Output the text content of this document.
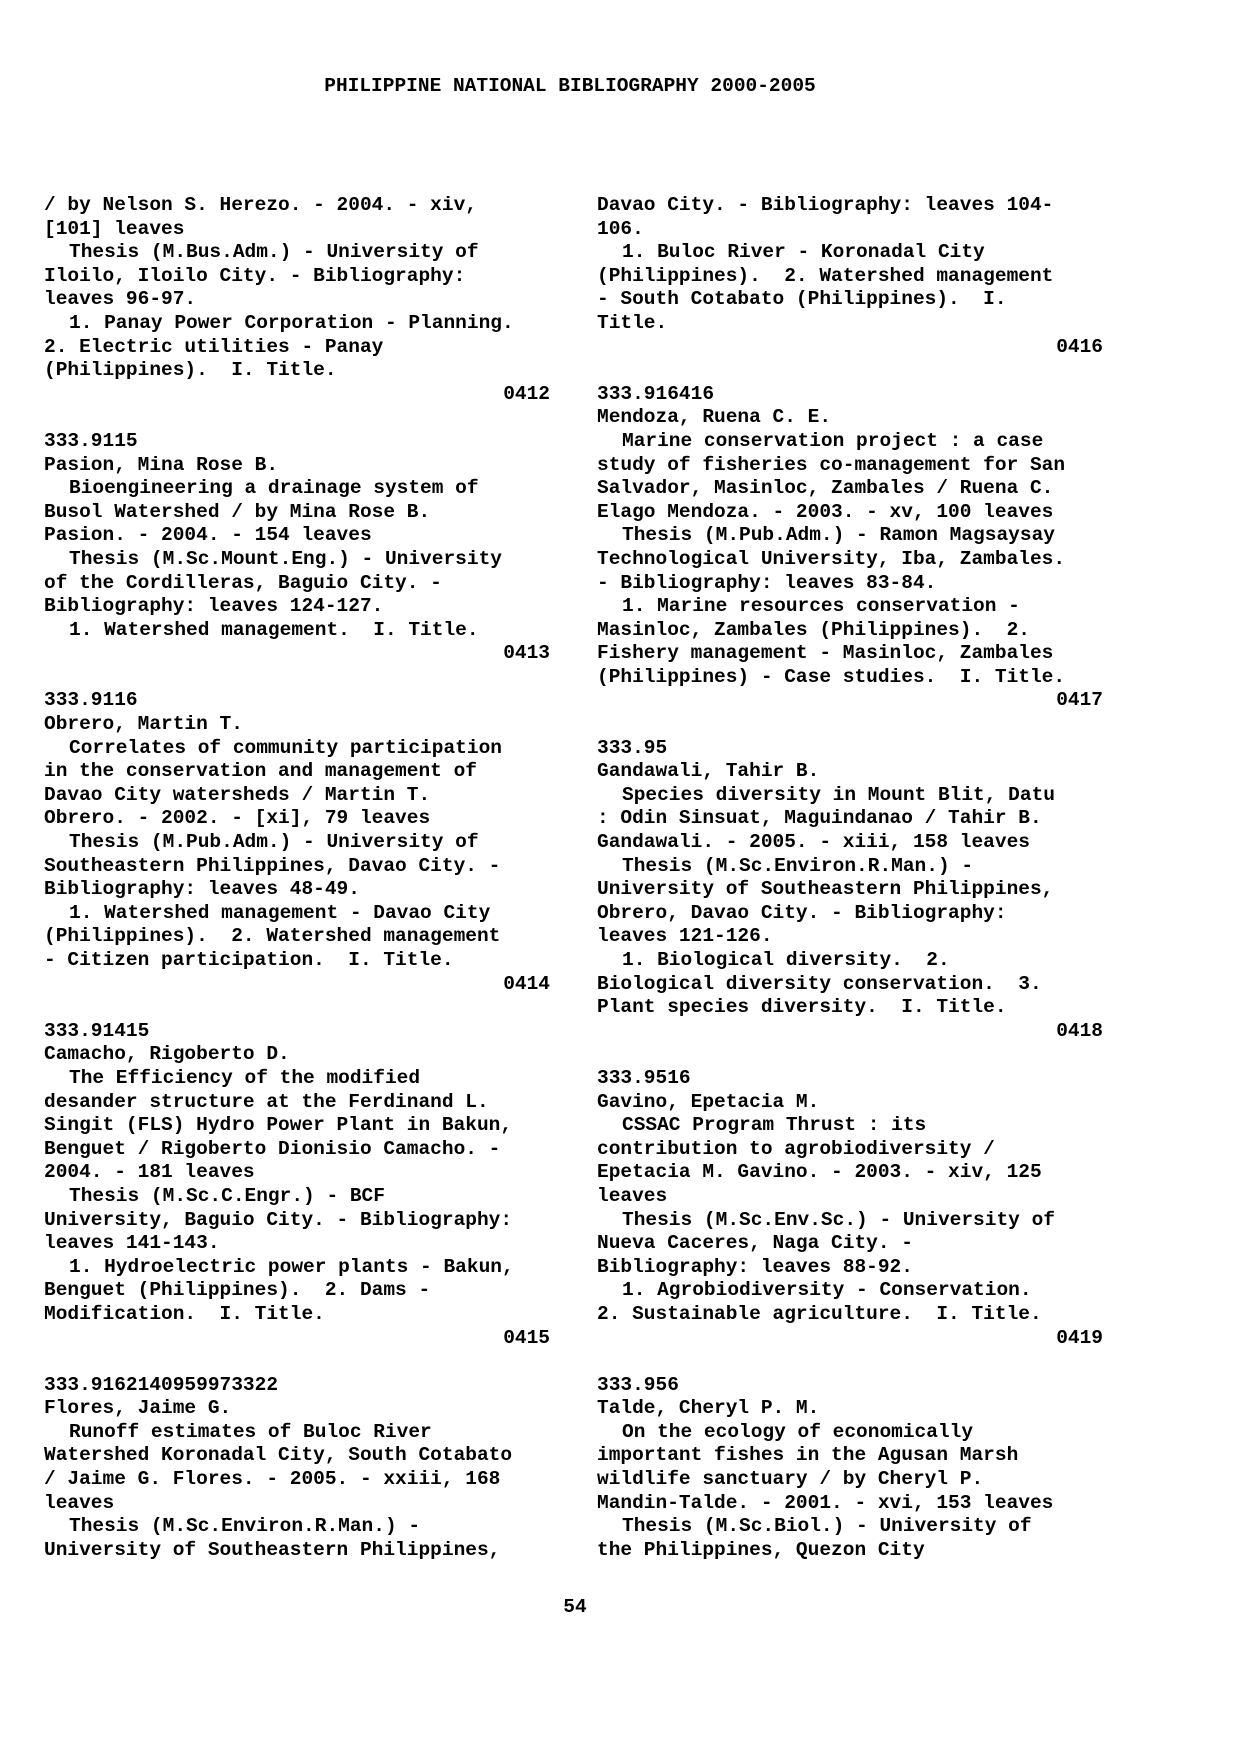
PHILIPPINE NATIONAL BIBLIOGRAPHY 2000-2005
/ by Nelson S. Herezo. - 2004. - xiv,
[101] leaves
Thesis (M.Bus.Adm.) - University of
Iloilo, Iloilo City. - Bibliography:
leaves 96-97.
1. Panay Power Corporation - Planning.
2. Electric utilities - Panay
(Philippines).  I. Title.
0412
333.9115
Pasion, Mina Rose B.
Bioengineering a drainage system of
Busol Watershed / by Mina Rose B.
Pasion. - 2004. - 154 leaves
Thesis (M.Sc.Mount.Eng.) - University
of the Cordilleras, Baguio City. -
Bibliography: leaves 124-127.
1. Watershed management.  I. Title.
0413
333.9116
Obrero, Martin T.
Correlates of community participation
in the conservation and management of
Davao City watersheds / Martin T.
Obrero. - 2002. - [xi], 79 leaves
Thesis (M.Pub.Adm.) - University of
Southeastern Philippines, Davao City. -
Bibliography: leaves 48-49.
1. Watershed management - Davao City
(Philippines).  2. Watershed management
- Citizen participation.  I. Title.
0414
333.91415
Camacho, Rigoberto D.
The Efficiency of the modified
desander structure at the Ferdinand L.
Singit (FLS) Hydro Power Plant in Bakun,
Benguet / Rigoberto Dionisio Camacho. -
2004. - 181 leaves
Thesis (M.Sc.C.Engr.) - BCF
University, Baguio City. - Bibliography:
leaves 141-143.
1. Hydroelectric power plants - Bakun,
Benguet (Philippines).  2. Dams -
Modification.  I. Title.
0415
333.9162140959973322
Flores, Jaime G.
Runoff estimates of Buloc River
Watershed Koronadal City, South Cotabato
/ Jaime G. Flores. - 2005. - xxiii, 168
leaves
Thesis (M.Sc.Environ.R.Man.) -
University of Southeastern Philippines,
Davao City. - Bibliography: leaves 104-
106.
1. Buloc River - Koronadal City
(Philippines).  2. Watershed management
- South Cotabato (Philippines).  I.
Title.
0416
333.916416
Mendoza, Ruena C. E.
Marine conservation project : a case
study of fisheries co-management for San
Salvador, Masinloc, Zambales / Ruena C.
Elago Mendoza. - 2003. - xv, 100 leaves
Thesis (M.Pub.Adm.) - Ramon Magsaysay
Technological University, Iba, Zambales.
- Bibliography: leaves 83-84.
1. Marine resources conservation -
Masinloc, Zambales (Philippines).  2.
Fishery management - Masinloc, Zambales
(Philippines) - Case studies.  I. Title.
0417
333.95
Gandawali, Tahir B.
Species diversity in Mount Blit, Datu
: Odin Sinsuat, Maguindanao / Tahir B.
Gandawali. - 2005. - xiii, 158 leaves
Thesis (M.Sc.Environ.R.Man.) -
University of Southeastern Philippines,
Obrero, Davao City. - Bibliography:
leaves 121-126.
1. Biological diversity.  2.
Biological diversity conservation.  3.
Plant species diversity.  I. Title.
0418
333.9516
Gavino, Epetacia M.
CSSAC Program Thrust : its
contribution to agrobiodiversity /
Epetacia M. Gavino. - 2003. - xiv, 125
leaves
Thesis (M.Sc.Env.Sc.) - University of
Nueva Caceres, Naga City. -
Bibliography: leaves 88-92.
1. Agrobiodiversity - Conservation.
2. Sustainable agriculture.  I. Title.
0419
333.956
Talde, Cheryl P. M.
On the ecology of economically
important fishes in the Agusan Marsh
wildlife sanctuary / by Cheryl P.
Mandin-Talde. - 2001. - xvi, 153 leaves
Thesis (M.Sc.Biol.) - University of
the Philippines, Quezon City
54
